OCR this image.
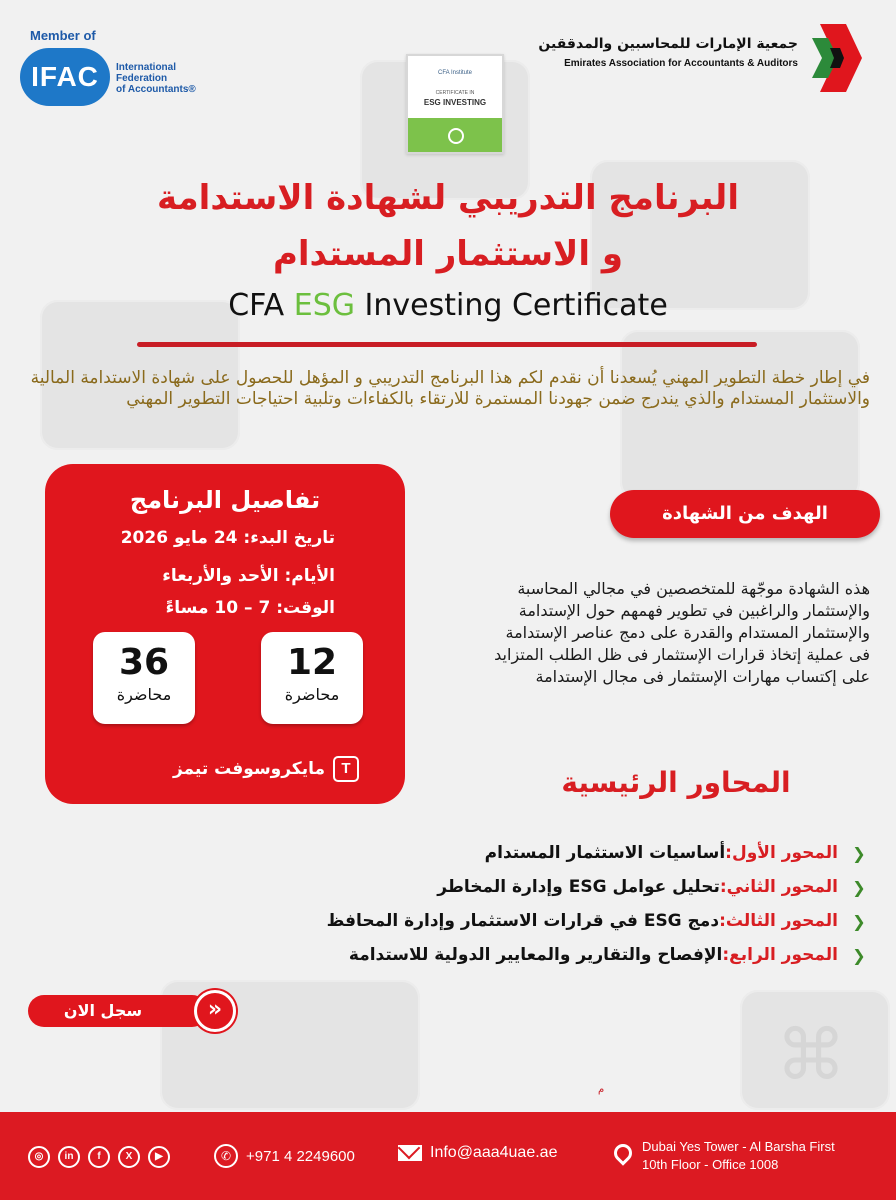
⌘
Member of
IFAC	International
Federation
of Accountants®
CFA Institute
CERTIFICATE IN
ESG INVESTING
جمعية الإمارات للمحاسبين والمدققين
Emirates Association for Accountants & Auditors
البرنامج التدريبي لشهادة الاستدامة
و الاستثمار المستدام
CFA ESG Investing Certificate
في إطار خطة التطوير المهني يُسعدنا أن نقدم لكم هذا البرنامج التدريبي و المؤهل للحصول على شهادة الاستدامة المالية والاستثمار المستدام والذي يندرج ضمن جهودنا المستمرة للارتقاء بالكفاءات وتلبية احتياجات التطوير المهني
تفاصيل البرنامج
تاريخ البدء: 24 مايو 2026
الأيام: الأحد والأربعاء
الوقت: 7 – 10 مساءً
12
محاضرة
36
محاضرة
T
مايكروسوفت تيمز
الهدف من الشهادة
هذه الشهادة موجّهة للمتخصصين في مجالي المحاسبة والإستثمار والراغبين في تطوير فهمهم حول الإستدامة والإستثمار المستدام والقدرة على دمج عناصر الإستدامة فى عملية إتخاذ قرارات الإستثمار فى ظل الطلب المتزايد على إكتساب مهارات الإستثمار فى مجال الإستدامة
المحاور الرئيسية
❮
المحور الأول:
أساسيات الاستثمار المستدام
❮
المحور الثاني:
تحليل عوامل ESG وإدارة المخاطر
❮
المحور الثالث:
دمج ESG في قرارات الاستثمار وإدارة المحافظ
❮
المحور الرابع:
الإفصاح والتقارير والمعايير الدولية للاستدامة
سجل الان	»
م
◎	in	f	X	▶	✆ +971 4 2249600	Info@aaa4uae.ae	Dubai Yes Tower - Al Barsha First
10th Floor - Office 1008
